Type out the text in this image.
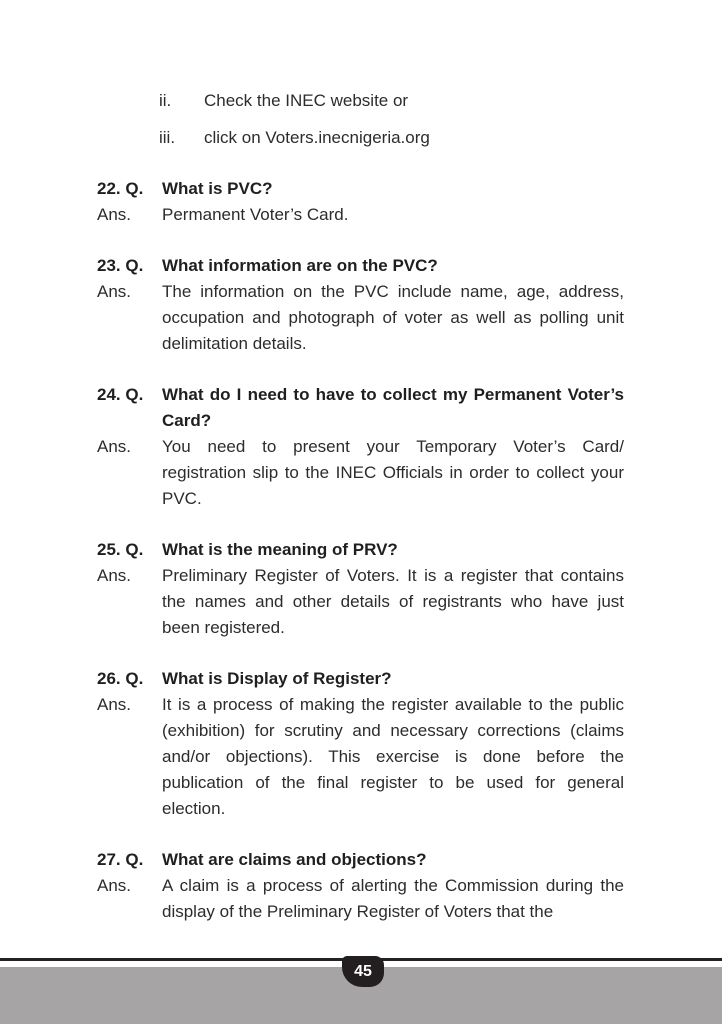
ii.	Check the INEC website or
iii.	click on Voters.inecnigeria.org
22. Q.	What is PVC?
Ans.	Permanent Voter’s Card.

23. Q.	What information are on the PVC?
Ans.	The information on the PVC include name, age, address, occupation and photograph of voter as well as polling unit delimitation details.

24. Q.	What do I need to have to collect my Permanent Voter’s Card?
Ans.	You need to present your Temporary Voter’s Card/ registration slip to the INEC Officials in order to collect your PVC.

25. Q.	What is the meaning of PRV?
Ans.	Preliminary Register of Voters. It is a register that contains the names and other details of registrants who have just been registered.

26. Q.	What is Display of Register?
Ans.	It is a process of making the register available to the public (exhibition) for scrutiny and necessary corrections (claims and/or objections). This exercise is done before the publication of the final register to be used for general election.

27. Q.	What are claims and objections?
Ans.	A claim is a process of alerting the Commission during the display of the Preliminary Register of Voters that the

45
